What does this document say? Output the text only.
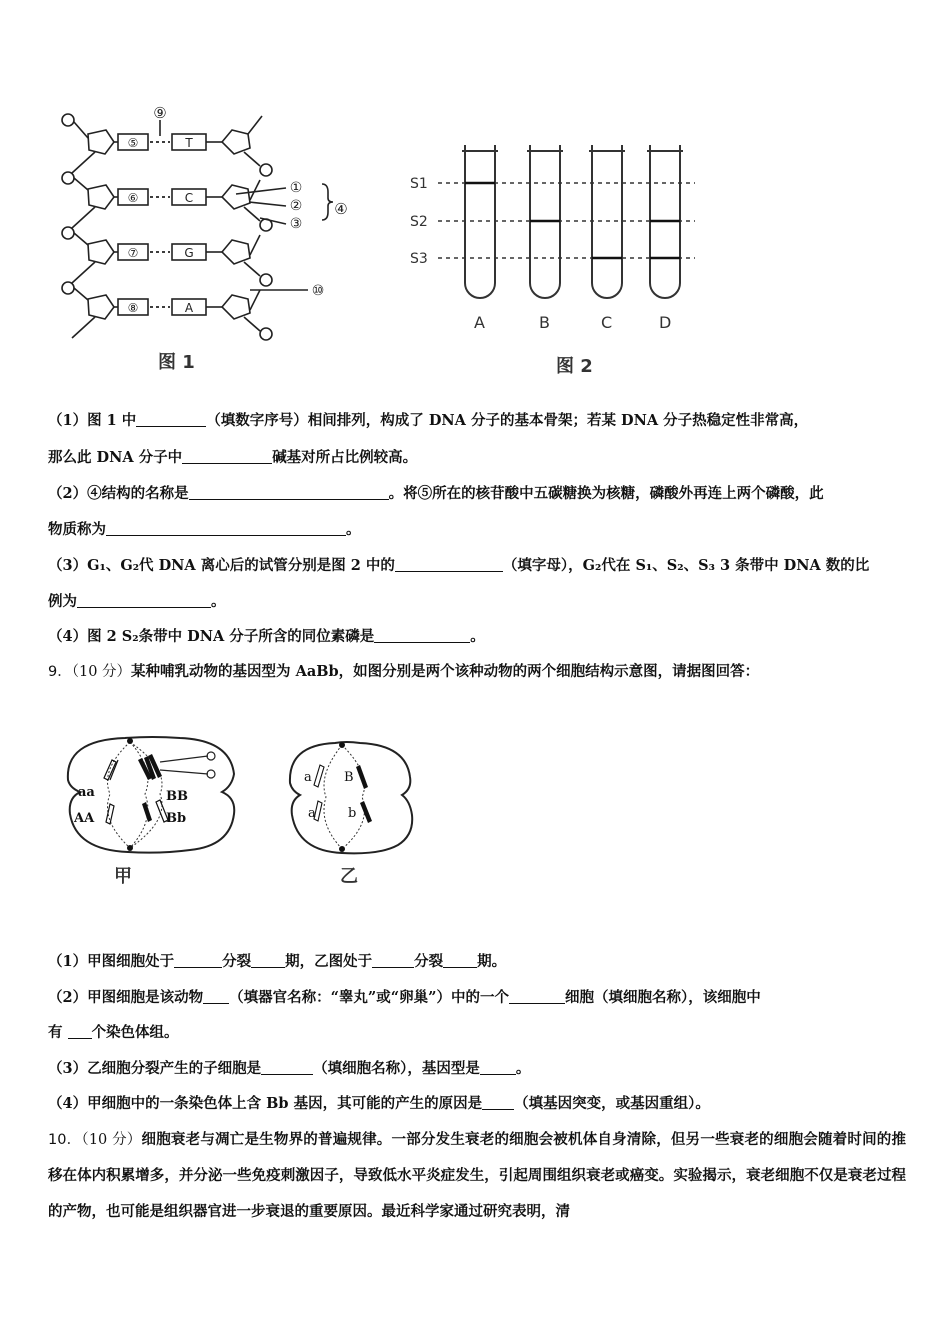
⑤
⑥
⑦
⑧
T
C
G
A
⑨
①
②
③
④
⑩
图 1
S1
S2
S3
A	B	C	D
图 2
（1）图 1 中	（填数字序号）相间排列，构成了 DNA 分子的基本骨架；若某 DNA 分子热稳定性非常高，
那么此 DNA 分子中	碱基对所占比例较高。
（2）④结构的名称是	。将⑤所在的核苷酸中五碳糖换为核糖，磷酸外再连上两个磷酸，此
物质称为	。
（3）G₁、G₂代 DNA 离心后的试管分别是图 2 中的	（填字母），G₂代在 S₁、S₂、S₃ 3 条带中 DNA 数的比
例为	。
（4）图 2 S₂条带中 DNA 分子所含的同位素磷是	。
9．（10 分）某种哺乳动物的基因型为 AaBb，如图分别是两个该种动物的两个细胞结构示意图，请据图回答：
aa	BB
AA	Bb
甲
a B
a b
乙
（1）甲图细胞处于	分裂 期，乙图处于	分裂 期。
（2）甲图细胞是该动物 （填器官名称：“睾丸”或“卵巢”）中的一个	细胞（填细胞名称），该细胞中
有 个染色体组。
（3）乙细胞分裂产生的子细胞是	（填细胞名称），基因型是 。
（4）甲细胞中的一条染色体上含 Bb 基因，其可能的产生的原因是 （填基因突变，或基因重组）。
10．（10 分）细胞衰老与凋亡是生物界的普遍规律。一部分发生衰老的细胞会被机体自身清除，但另一些衰老的细胞会随着时间的推移在体内积累增多，并分泌一些免疫刺激因子，导致低水平炎症发生，引起周围组织衰老或癌变。实验揭示，衰老细胞不仅是衰老过程的产物，也可能是组织器官进一步衰退的重要原因。最近科学家通过研究表明，清
